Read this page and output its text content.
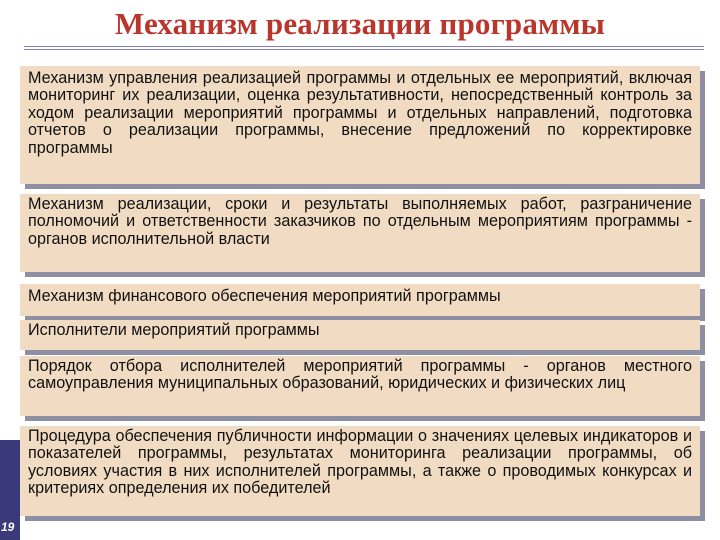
Механизм реализации программы

Механизм управления реализацией программы и отдельных ее мероприятий, включая мониторинг их реализации, оценка результативности, непосредственный контроль за ходом реализации мероприятий программы и отдельных направлений, подготовка отчетов о реализации программы, внесение предложений по корректировке программы

Механизм реализации, сроки и результаты выполняемых работ, разграничение полномочий и ответственности заказчиков по отдельным мероприятиям программы - органов исполнительной власти

Механизм финансового обеспечения мероприятий программы

Исполнители мероприятий программы

Порядок отбора исполнителей мероприятий программы - органов местного самоуправления муниципальных образований, юридических и физических лиц

Процедура обеспечения публичности информации о значениях целевых индикаторов и показателей программы, результатах мониторинга реализации программы, об условиях участия в них исполнителей программы, а также о проводимых конкурсах и критериях определения их победителей

19
